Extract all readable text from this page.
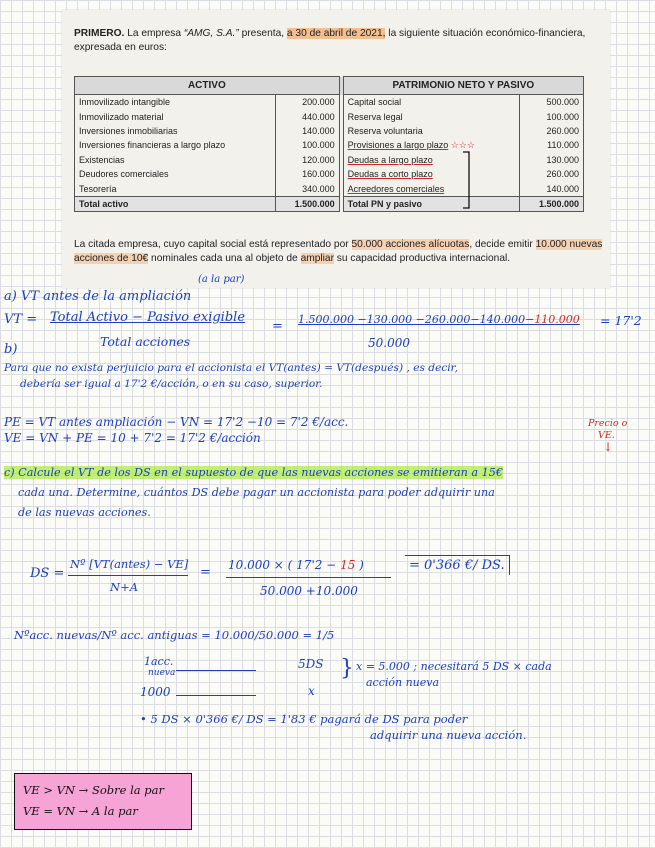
PRIMERO. La empresa “AMG, S.A.” presenta, a 30 de abril de 2021, la siguiente situación económico-financiera, expresada en euros:

ACTIVO			PATRIMONIO NETO Y PASIVO	
Inmovilizado intangible	200.000		Capital social	500.000
Inmovilizado material	440.000		Reserva legal	100.000
Inversiones inmobiliarias	140.000		Reserva voluntaria	260.000
Inversiones financieras a largo plazo	100.000		Provisiones a largo plazo ☆☆☆	110.000
Existencias	120.000		Deudas a largo plazo	130.000
Deudores comerciales	160.000		Deudas a corto plazo	260.000
Tesorería	340.000		Acreedores comerciales	140.000
Total activo	1.500.000		Total PN y pasivo	1.500.000

La citada empresa, cuyo capital social está representado por 50.000 acciones alícuotas, decide emitir 10.000 nuevas acciones de 10€ nominales cada una al objeto de ampliar su capacidad productiva internacional.

(a la par)
a) VT antes de la ampliación
VT = Total Activo − Pasivo exigible
Total acciones
= 1.500.000 −130.000 −260.000−140.000−110.000 = 17'2
50.000
b)
Para que no exista perjuicio para el accionista el VT(antes) = VT(después) , es decir,
debería ser igual a 17'2 €/acción, o en su caso, superior.
PE = VT antes ampliación − VN = 17'2 −10 = 7'2 €/acc.
VE = VN + PE = 10 + 7'2 = 17'2 €/acción
Precio o
VE.
↓
c) Calcule el VT de los DS en el supuesto de que las nuevas acciones se emitieran a 15€
cada una. Determine, cuántos DS debe pagar un accionista para poder adquirir una
de las nuevas acciones.
DS =
Nº [VT(antes) − VE]
N+A
= 10.000 × ( 17'2 − 15 )
50.000 +10.000
= 0'366 €/ DS.
Nºacc. nuevas/Nº acc. antiguas = 10.000/50.000 = 1/5
1acc.
nueva
5DS
1000	x
} x = 5.000 ; necesitará 5 DS × cada
acción nueva
• 5 DS × 0'366 €/ DS = 1'83 € pagará de DS para poder
adquirir una nueva acción.
VE > VN → Sobre la par
VE = VN → A la par
